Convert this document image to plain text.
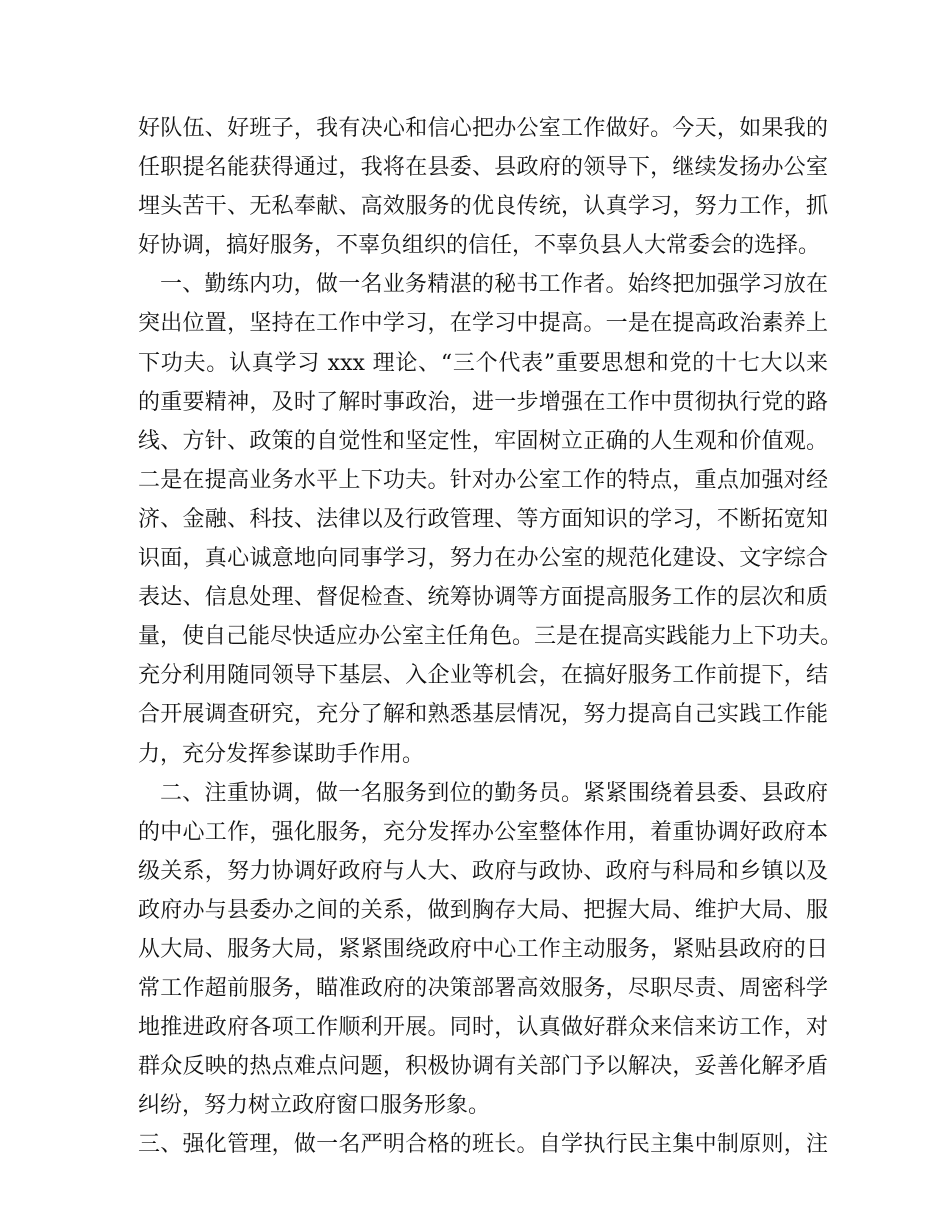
好队伍、好班子，我有决心和信心把办公室工作做好。今天，如果我的
任职提名能获得通过，我将在县委、县政府的领导下，继续发扬办公室
埋头苦干、无私奉献、高效服务的优良传统，认真学习，努力工作，抓
好协调，搞好服务，不辜负组织的信任，不辜负县人大常委会的选择。
一、勤练内功，做一名业务精湛的秘书工作者。始终把加强学习放在
突出位置，坚持在工作中学习，在学习中提高。一是在提高政治素养上
下功夫。认真学习 xxx 理论、“三个代表”重要思想和党的十七大以来
的重要精神，及时了解时事政治，进一步增强在工作中贯彻执行党的路
线、方针、政策的自觉性和坚定性，牢固树立正确的人生观和价值观。
二是在提高业务水平上下功夫。针对办公室工作的特点，重点加强对经
济、金融、科技、法律以及行政管理、等方面知识的学习，不断拓宽知
识面，真心诚意地向同事学习，努力在办公室的规范化建设、文字综合
表达、信息处理、督促检查、统筹协调等方面提高服务工作的层次和质
量，使自己能尽快适应办公室主任角色。三是在提高实践能力上下功夫。
充分利用随同领导下基层、入企业等机会，在搞好服务工作前提下，结
合开展调查研究，充分了解和熟悉基层情况，努力提高自己实践工作能
力，充分发挥参谋助手作用。
二、注重协调，做一名服务到位的勤务员。紧紧围绕着县委、县政府
的中心工作，强化服务，充分发挥办公室整体作用，着重协调好政府本
级关系，努力协调好政府与人大、政府与政协、政府与科局和乡镇以及
政府办与县委办之间的关系，做到胸存大局、把握大局、维护大局、服
从大局、服务大局，紧紧围绕政府中心工作主动服务，紧贴县政府的日
常工作超前服务，瞄准政府的决策部署高效服务，尽职尽责、周密科学
地推进政府各项工作顺利开展。同时，认真做好群众来信来访工作，对
群众反映的热点难点问题，积极协调有关部门予以解决，妥善化解矛盾
纠纷，努力树立政府窗口服务形象。
三、强化管理，做一名严明合格的班长。自学执行民主集中制原则，注
